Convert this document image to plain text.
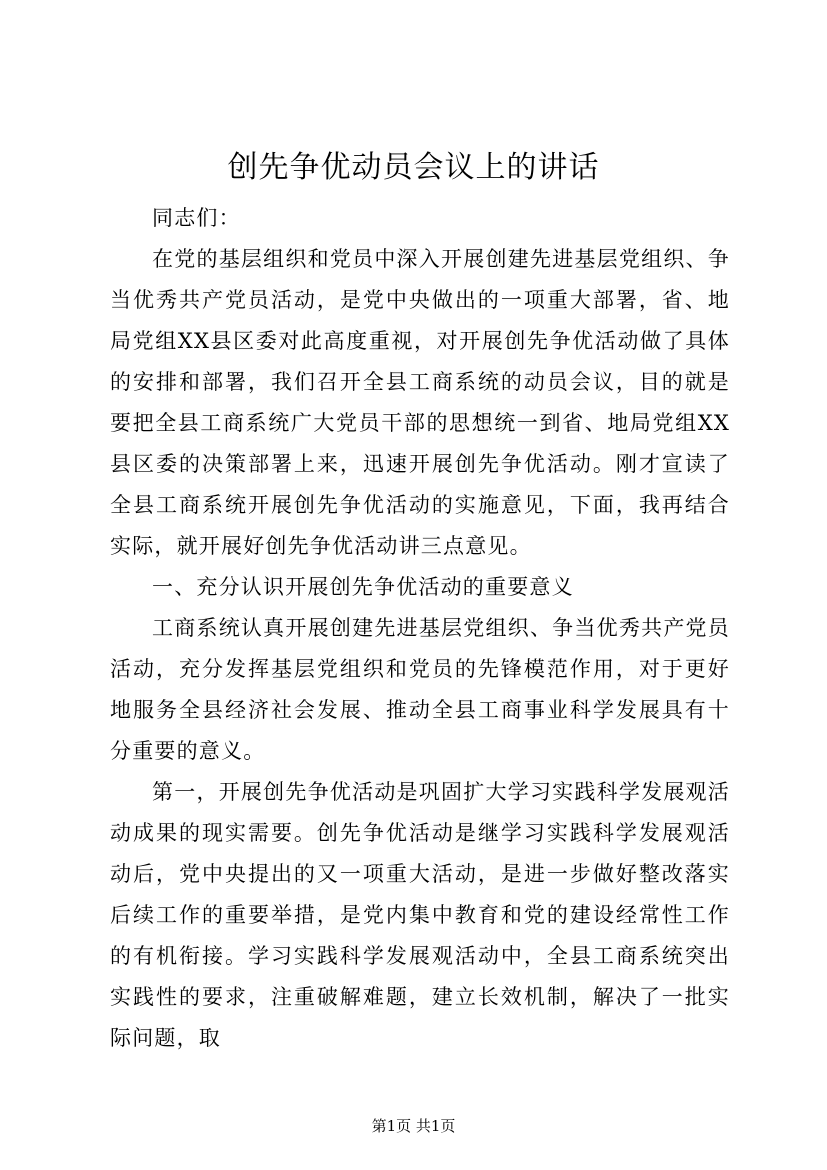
创先争优动员会议上的讲话

同志们：

在党的基层组织和党员中深入开展创建先进基层党组织、争当优秀共产党员活动，是党中央做出的一项重大部署，省、地局党组XX县区委对此高度重视，对开展创先争优活动做了具体的安排和部署，我们召开全县工商系统的动员会议，目的就是要把全县工商系统广大党员干部的思想统一到省、地局党组XX县区委的决策部署上来，迅速开展创先争优活动。刚才宣读了全县工商系统开展创先争优活动的实施意见，下面，我再结合实际，就开展好创先争优活动讲三点意见。

一、充分认识开展创先争优活动的重要意义

工商系统认真开展创建先进基层党组织、争当优秀共产党员活动，充分发挥基层党组织和党员的先锋模范作用，对于更好地服务全县经济社会发展、推动全县工商事业科学发展具有十分重要的意义。

第一，开展创先争优活动是巩固扩大学习实践科学发展观活动成果的现实需要。创先争优活动是继学习实践科学发展观活动后，党中央提出的又一项重大活动，是进一步做好整改落实后续工作的重要举措，是党内集中教育和党的建设经常性工作的有机衔接。学习实践科学发展观活动中，全县工商系统突出实践性的要求，注重破解难题，建立长效机制，解决了一批实际问题，取

第1页 共1页
